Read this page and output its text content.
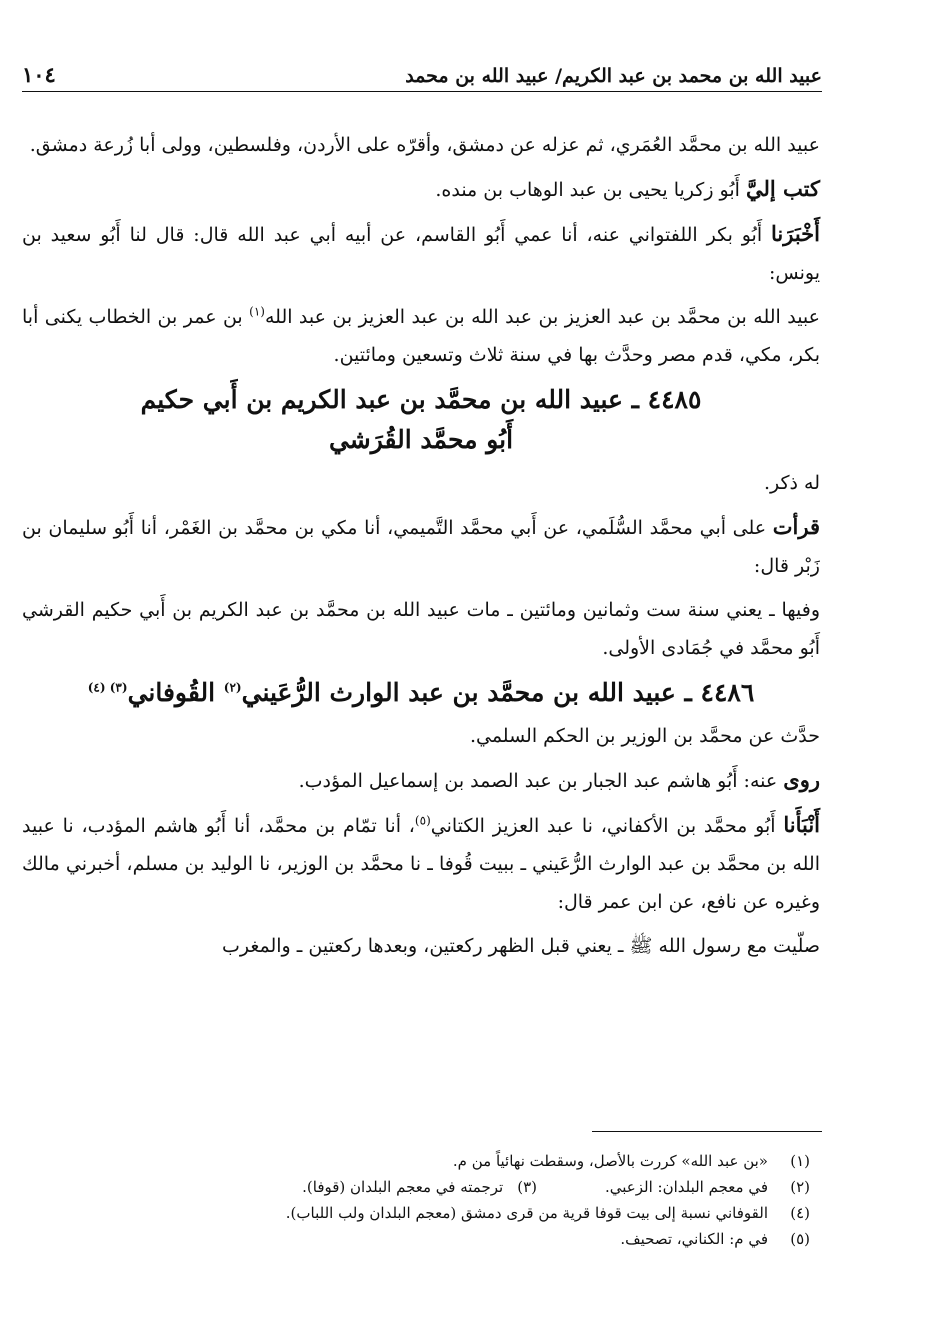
عبيد الله بن محمد بن عبد الكريم/ عبيد الله بن محمد
١٠٤

عبيد الله بن محمَّد العُمَري، ثم عزله عن دمشق، وأقرّه على الأردن، وفلسطين، وولى أبا زُرعة دمشق.

كتب إليَّ أَبُو زكريا يحيى بن عبد الوهاب بن منده.

أَخْبَرَنا أَبُو بكر اللفتواني عنه، أنا عمي أَبُو القاسم، عن أبيه أبي عبد الله قال: قال لنا أَبُو سعيد بن يونس:

عبيد الله بن محمَّد بن عبد العزيز بن عبد الله بن عبد العزيز بن عبد الله$^{(١)}$ بن عمر بن الخطاب يكنى أبا بكر، مكي، قدم مصر وحدَّث بها في سنة ثلاث وتسعين ومائتين.

٤٤٨٥ ـ عبيد الله بن محمَّد بن عبد الكريم بن أَبي حكيم
أَبُو محمَّد القُرَشي

له ذكر.

قرأت على أبي محمَّد السُّلَمي، عن أَبي محمَّد التَّميمي، أنا مكي بن محمَّد بن الغَمْر، أنا أَبُو سليمان بن زَبْر قال:

وفيها ـ يعني سنة ست وثمانين ومائتين ـ مات عبيد الله بن محمَّد بن عبد الكريم بن أَبي حكيم القرشي أَبُو محمَّد في جُمَادى الأولى.

٤٤٨٦ ـ عبيد الله بن محمَّد بن عبد الوارث الرُّعَيني$^{(٢)}$ القُوفاني$^{(٣) (٤)}$

حدَّث عن محمَّد بن الوزير بن الحكم السلمي.

روى عنه: أَبُو هاشم عبد الجبار بن عبد الصمد بن إسماعيل المؤدب.

أَنْبَأَنا أَبُو محمَّد بن الأكفاني، نا عبد العزيز الكتاني$^{(٥)}$، أنا تمّام بن محمَّد، أنا أَبُو هاشم المؤدب، نا عبيد الله بن محمَّد بن عبد الوارث الرُّعَيني ـ ببيت قُوفا ـ نا محمَّد بن الوزير، نا الوليد بن مسلم، أخبرني مالك وغيره عن نافع، عن ابن عمر قال:

صلّيت مع رسول الله ﷺ ـ يعني قبل الظهر ركعتين، وبعدها ركعتين ـ والمغرب

(١)
«بن عبد الله» كررت بالأصل، وسقطت نهائياً من م.
(٢)
في معجم البلدان: الزعبي.
(٣)
ترجمته في معجم البلدان (قوفا).
(٤)
القوفاني نسبة إلى بيت قوفا قرية من قرى دمشق (معجم البلدان ولب اللباب).
(٥)
في م: الكناني، تصحيف.
